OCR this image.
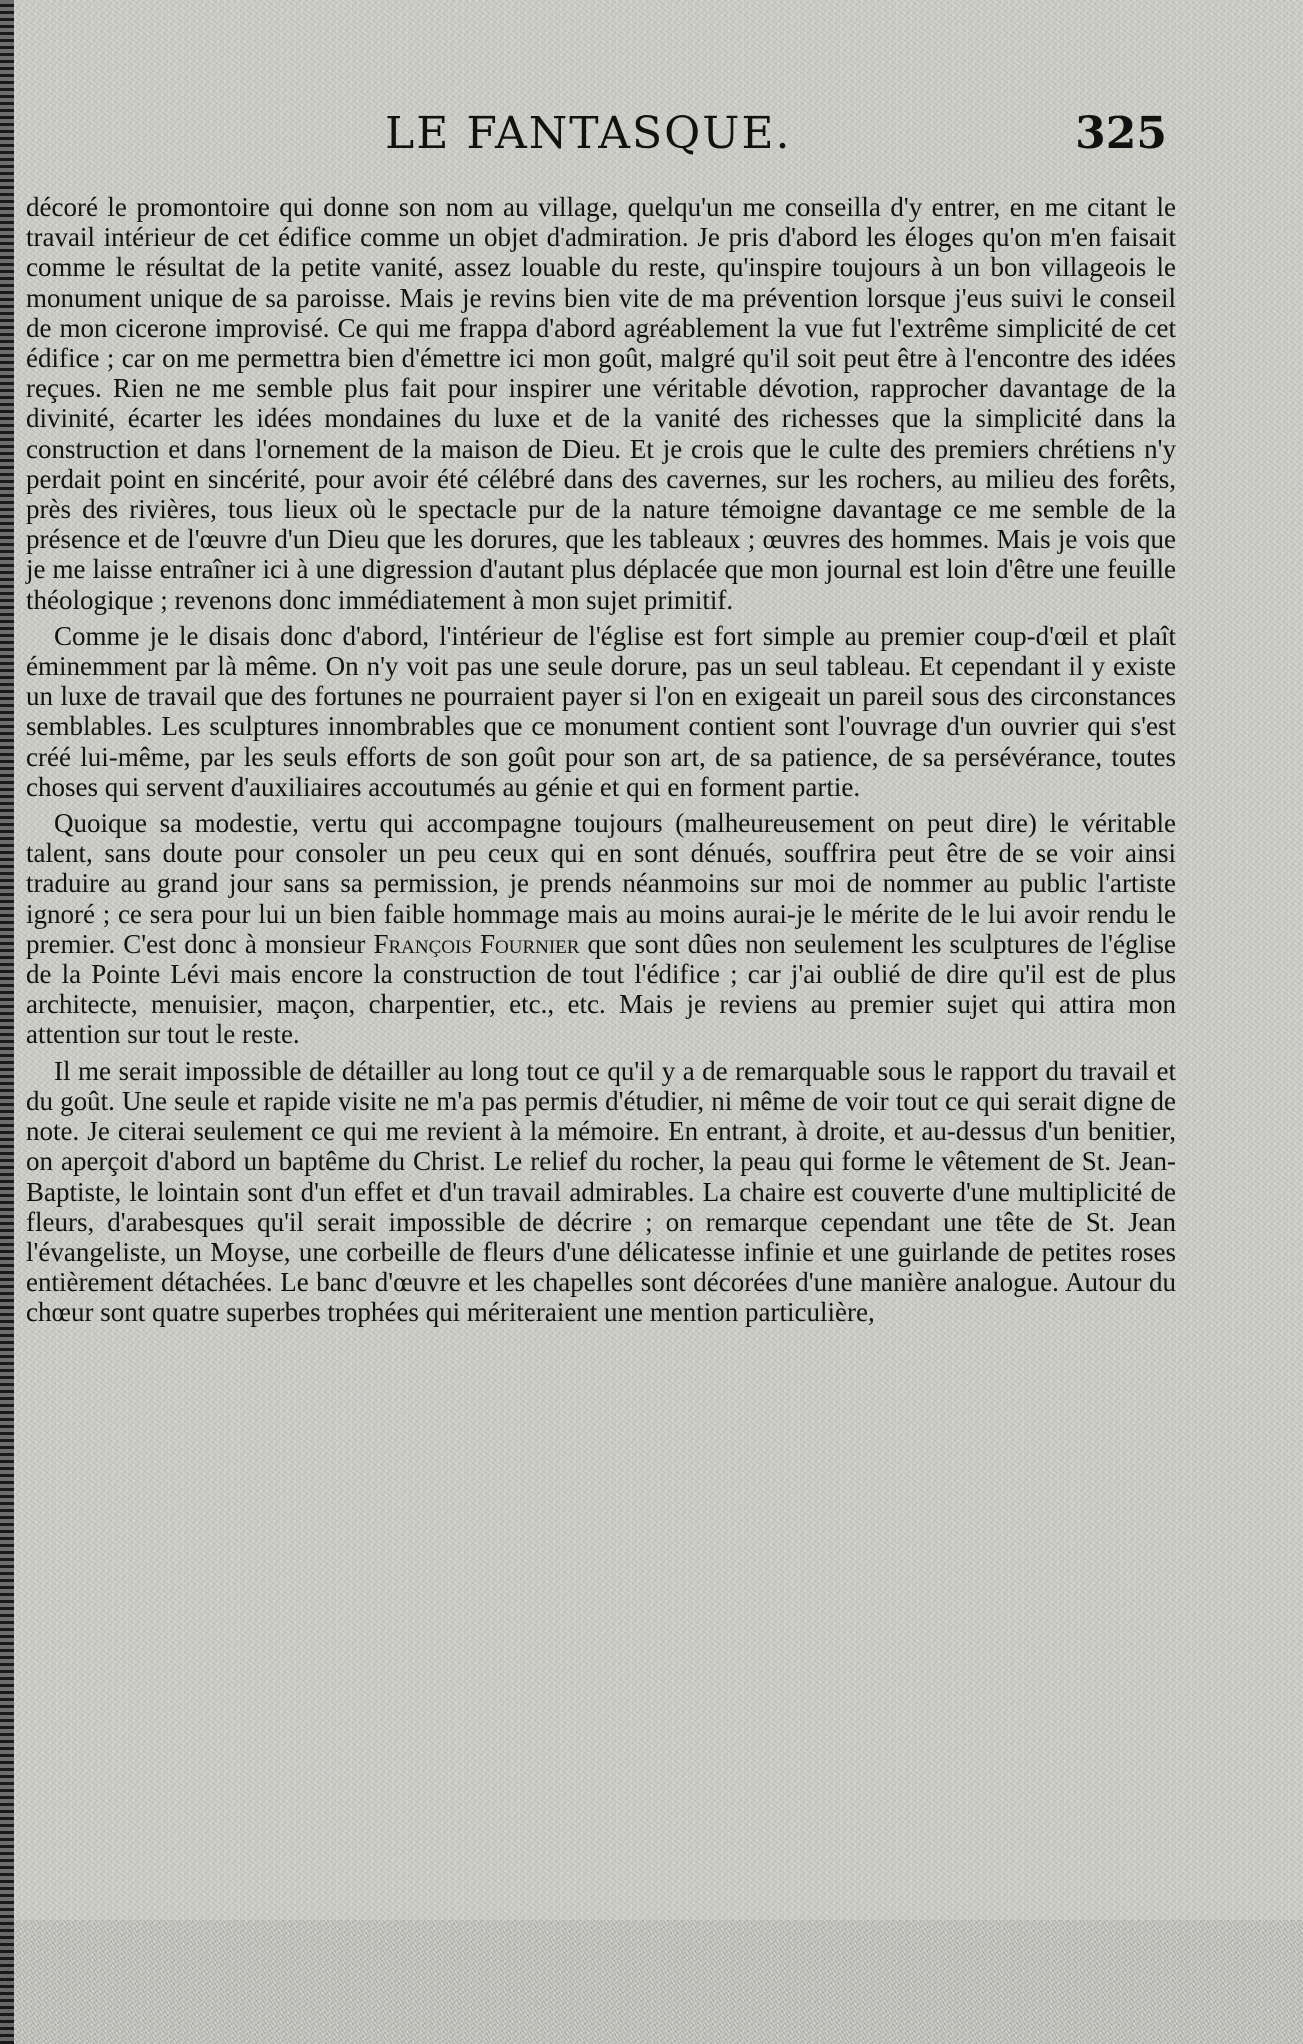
LE FANTASQUE.	325

décoré le promontoire qui donne son nom au village, quelqu'un me conseilla d'y entrer, en me citant le travail intérieur de cet édifice comme un objet d'admiration. Je pris d'abord les éloges qu'on m'en faisait comme le résultat de la petite vanité, assez louable du reste, qu'inspire toujours à un bon villageois le monument unique de sa paroisse. Mais je revins bien vite de ma prévention lorsque j'eus suivi le conseil de mon cicerone improvisé. Ce qui me frappa d'abord agréablement la vue fut l'extrême simplicité de cet édifice ; car on me permettra bien d'émettre ici mon goût, malgré qu'il soit peut être à l'encontre des idées reçues. Rien ne me semble plus fait pour inspirer une véritable dévotion, rapprocher davantage de la divinité, écarter les idées mondaines du luxe et de la vanité des richesses que la simplicité dans la construction et dans l'ornement de la maison de Dieu. Et je crois que le culte des premiers chrétiens n'y perdait point en sincérité, pour avoir été célébré dans des cavernes, sur les rochers, au milieu des forêts, près des rivières, tous lieux où le spectacle pur de la nature témoigne davantage ce me semble de la présence et de l'œuvre d'un Dieu que les dorures, que les tableaux ; œuvres des hommes. Mais je vois que je me laisse entraîner ici à une digression d'autant plus déplacée que mon journal est loin d'être une feuille théologique ; revenons donc immédiatement à mon sujet primitif.

Comme je le disais donc d'abord, l'intérieur de l'église est fort simple au premier coup-d'œil et plaît éminemment par là même. On n'y voit pas une seule dorure, pas un seul tableau. Et cependant il y existe un luxe de travail que des fortunes ne pourraient payer si l'on en exigeait un pareil sous des circonstances semblables. Les sculptures innombrables que ce monument contient sont l'ouvrage d'un ouvrier qui s'est créé lui-même, par les seuls efforts de son goût pour son art, de sa patience, de sa persévérance, toutes choses qui servent d'auxiliaires accoutumés au génie et qui en forment partie.

Quoique sa modestie, vertu qui accompagne toujours (malheureusement on peut dire) le véritable talent, sans doute pour consoler un peu ceux qui en sont dénués, souffrira peut être de se voir ainsi traduire au grand jour sans sa permission, je prends néanmoins sur moi de nommer au public l'artiste ignoré ; ce sera pour lui un bien faible hommage mais au moins aurai-je le mérite de le lui avoir rendu le premier. C'est donc à monsieur François Fournier que sont dûes non seulement les sculptures de l'église de la Pointe Lévi mais encore la construction de tout l'édifice ; car j'ai oublié de dire qu'il est de plus architecte, menuisier, maçon, charpentier, etc., etc. Mais je reviens au premier sujet qui attira mon attention sur tout le reste.

Il me serait impossible de détailler au long tout ce qu'il y a de remarquable sous le rapport du travail et du goût. Une seule et rapide visite ne m'a pas permis d'étudier, ni même de voir tout ce qui serait digne de note. Je citerai seulement ce qui me revient à la mémoire. En entrant, à droite, et au-dessus d'un benitier, on aperçoit d'abord un baptême du Christ. Le relief du rocher, la peau qui forme le vêtement de St. Jean-Baptiste, le lointain sont d'un effet et d'un travail admirables. La chaire est couverte d'une multiplicité de fleurs, d'arabesques qu'il serait impossible de décrire ; on remarque cependant une tête de St. Jean l'évangeliste, un Moyse, une corbeille de fleurs d'une délicatesse infinie et une guirlande de petites roses entièrement détachées. Le banc d'œuvre et les chapelles sont décorées d'une manière analogue. Autour du chœur sont quatre superbes trophées qui mériteraient une mention particulière,
